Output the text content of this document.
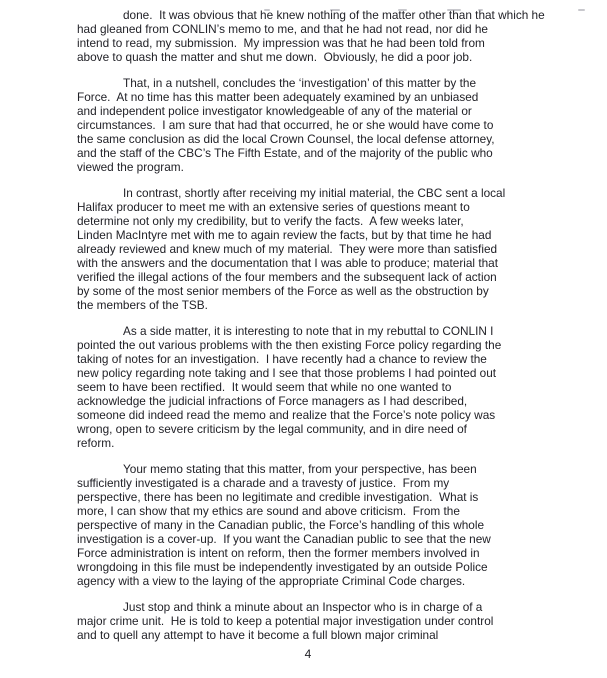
done.  It was obvious that he knew nothing of the matter other than that which he
had gleaned from CONLIN’s memo to me, and that he had not read, nor did he
intend to read, my submission.  My impression was that he had been told from
above to quash the matter and shut me down.  Obviously, he did a poor job.
That, in a nutshell, concludes the ‘investigation’ of this matter by the
Force.  At no time has this matter been adequately examined by an unbiased
and independent police investigator knowledgeable of any of the material or
circumstances.  I am sure that had that occurred, he or she would have come to
the same conclusion as did the local Crown Counsel, the local defense attorney,
and the staff of the CBC’s The Fifth Estate, and of the majority of the public who
viewed the program.
In contrast, shortly after receiving my initial material, the CBC sent a local
Halifax producer to meet me with an extensive series of questions meant to
determine not only my credibility, but to verify the facts.  A few weeks later,
Linden MacIntyre met with me to again review the facts, but by that time he had
already reviewed and knew much of my material.  They were more than satisfied
with the answers and the documentation that I was able to produce; material that
verified the illegal actions of the four members and the subsequent lack of action
by some of the most senior members of the Force as well as the obstruction by
the members of the TSB.
As a side matter, it is interesting to note that in my rebuttal to CONLIN I
pointed the out various problems with the then existing Force policy regarding the
taking of notes for an investigation.  I have recently had a chance to review the
new policy regarding note taking and I see that those problems I had pointed out
seem to have been rectified.  It would seem that while no one wanted to
acknowledge the judicial infractions of Force managers as I had described,
someone did indeed read the memo and realize that the Force’s note policy was
wrong, open to severe criticism by the legal community, and in dire need of
reform.
Your memo stating that this matter, from your perspective, has been
sufficiently investigated is a charade and a travesty of justice.  From my
perspective, there has been no legitimate and credible investigation.  What is
more, I can show that my ethics are sound and above criticism.  From the
perspective of many in the Canadian public, the Force’s handling of this whole
investigation is a cover-up.  If you want the Canadian public to see that the new
Force administration is intent on reform, then the former members involved in
wrongdoing in this file must be independently investigated by an outside Police
agency with a view to the laying of the appropriate Criminal Code charges.
Just stop and think a minute about an Inspector who is in charge of a
major crime unit.  He is told to keep a potential major investigation under control
and to quell any attempt to have it become a full blown major criminal
4
